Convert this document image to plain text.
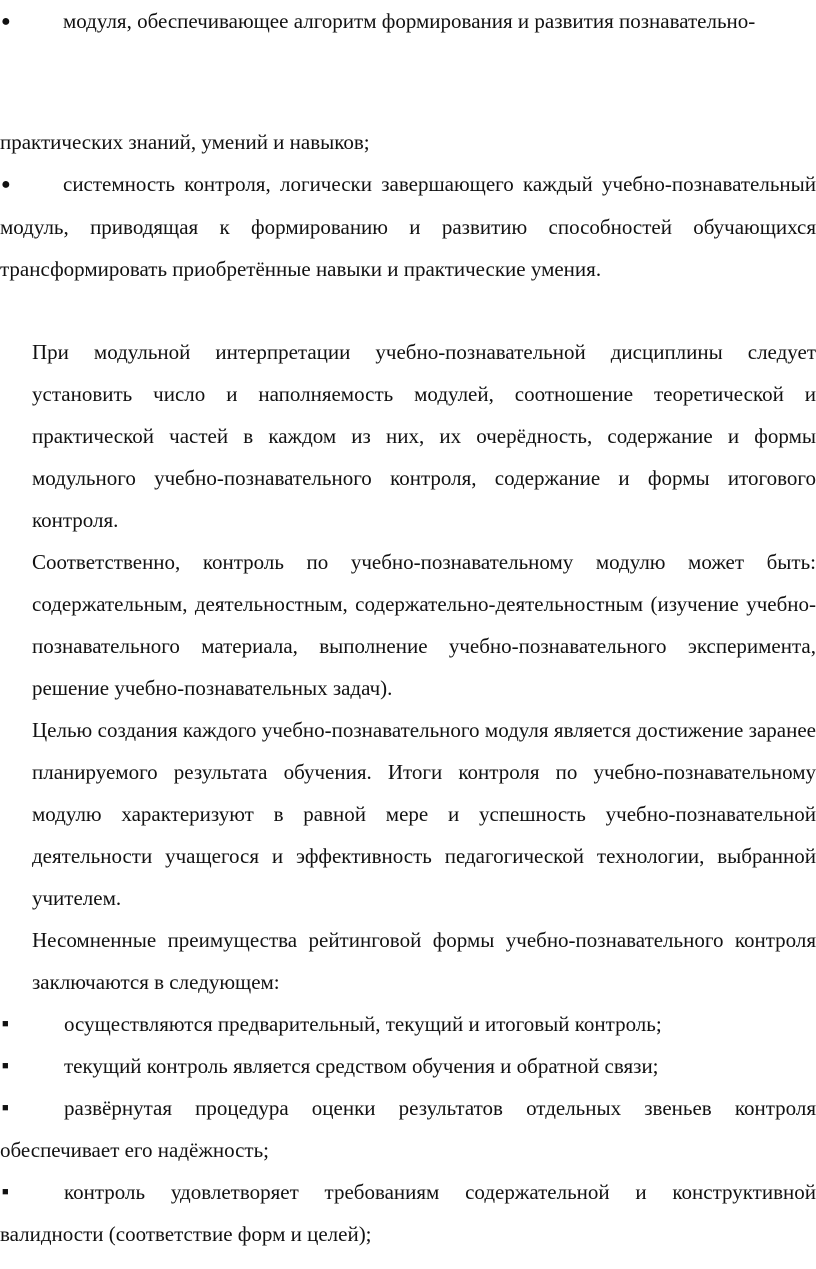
● модуля, обеспечивающее алгоритм формирования и развития познавательно-

практических знаний, умений и навыков;

● системность контроля, логически завершающего каждый учебно-познавательный модуль, приводящая к формированию и развитию способностей обучающихся трансформировать приобретённые навыки и практические умения.

При модульной интерпретации учебно-познавательной дисциплины следует установить число и наполняемость модулей, соотношение теоретической и практической частей в каждом из них, их очерёдность, содержание и формы модульного учебно-познавательного контроля, содержание и формы итогового контроля.

Соответственно, контроль по учебно-познавательному модулю может быть: содержательным, деятельностным, содержательно-деятельностным (изучение учебно-познавательного материала, выполнение учебно-познавательного эксперимента, решение учебно-познавательных задач).

Целью создания каждого учебно-познавательного модуля является достижение заранее планируемого результата обучения. Итоги контроля по учебно-познавательному модулю характеризуют в равной мере и успешность учебно-познавательной деятельности учащегося и эффективность педагогической технологии, выбранной учителем.

Несомненные преимущества рейтинговой формы учебно-познавательного контроля заключаются в следующем:

■	осуществляются предварительный, текущий и итоговый контроль;

■	текущий контроль является средством обучения и обратной связи;

■	развёрнутая процедура оценки результатов отдельных звеньев контроля обеспечивает его надёжность;

■	контроль удовлетворяет требованиям содержательной и конструктивной валидности (соответствие форм и целей);
